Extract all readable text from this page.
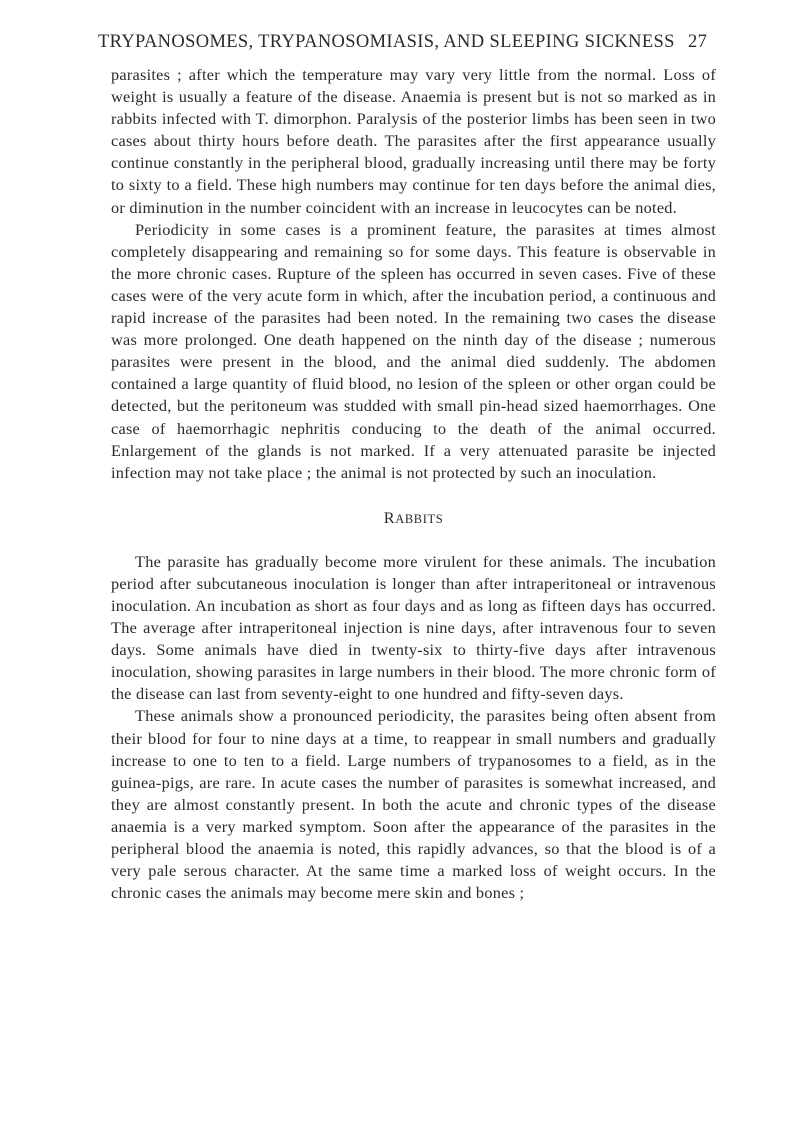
TRYPANOSOMES, TRYPANOSOMIASIS, AND SLEEPING SICKNESS 27

parasites ; after which the temperature may vary very little from the normal. Loss of weight is usually a feature of the disease. Anaemia is present but is not so marked as in rabbits infected with T. dimorphon. Paralysis of the posterior limbs has been seen in two cases about thirty hours before death. The parasites after the first appearance usually continue constantly in the peripheral blood, gradually increasing until there may be forty to sixty to a field. These high numbers may continue for ten days before the animal dies, or diminution in the number coincident with an increase in leucocytes can be noted.

Periodicity in some cases is a prominent feature, the parasites at times almost completely disappearing and remaining so for some days. This feature is observable in the more chronic cases. Rupture of the spleen has occurred in seven cases. Five of these cases were of the very acute form in which, after the incubation period, a continuous and rapid increase of the parasites had been noted. In the remaining two cases the disease was more prolonged. One death happened on the ninth day of the disease ; numerous parasites were present in the blood, and the animal died suddenly. The abdomen contained a large quantity of fluid blood, no lesion of the spleen or other organ could be detected, but the peritoneum was studded with small pin-head sized haemorrhages. One case of haemorrhagic nephritis conducing to the death of the animal occurred. Enlargement of the glands is not marked. If a very attenuated parasite be injected infection may not take place ; the animal is not protected by such an inoculation.

RABBITS

The parasite has gradually become more virulent for these animals. The incubation period after subcutaneous inoculation is longer than after intraperitoneal or intravenous inoculation. An incubation as short as four days and as long as fifteen days has occurred. The average after intraperitoneal injection is nine days, after intravenous four to seven days. Some animals have died in twenty-six to thirty-five days after intravenous inoculation, showing parasites in large numbers in their blood. The more chronic form of the disease can last from seventy-eight to one hundred and fifty-seven days.

These animals show a pronounced periodicity, the parasites being often absent from their blood for four to nine days at a time, to reappear in small numbers and gradually increase to one to ten to a field. Large numbers of trypanosomes to a field, as in the guinea-pigs, are rare. In acute cases the number of parasites is somewhat increased, and they are almost constantly present. In both the acute and chronic types of the disease anaemia is a very marked symptom. Soon after the appearance of the parasites in the peripheral blood the anaemia is noted, this rapidly advances, so that the blood is of a very pale serous character. At the same time a marked loss of weight occurs. In the chronic cases the animals may become mere skin and bones ;
